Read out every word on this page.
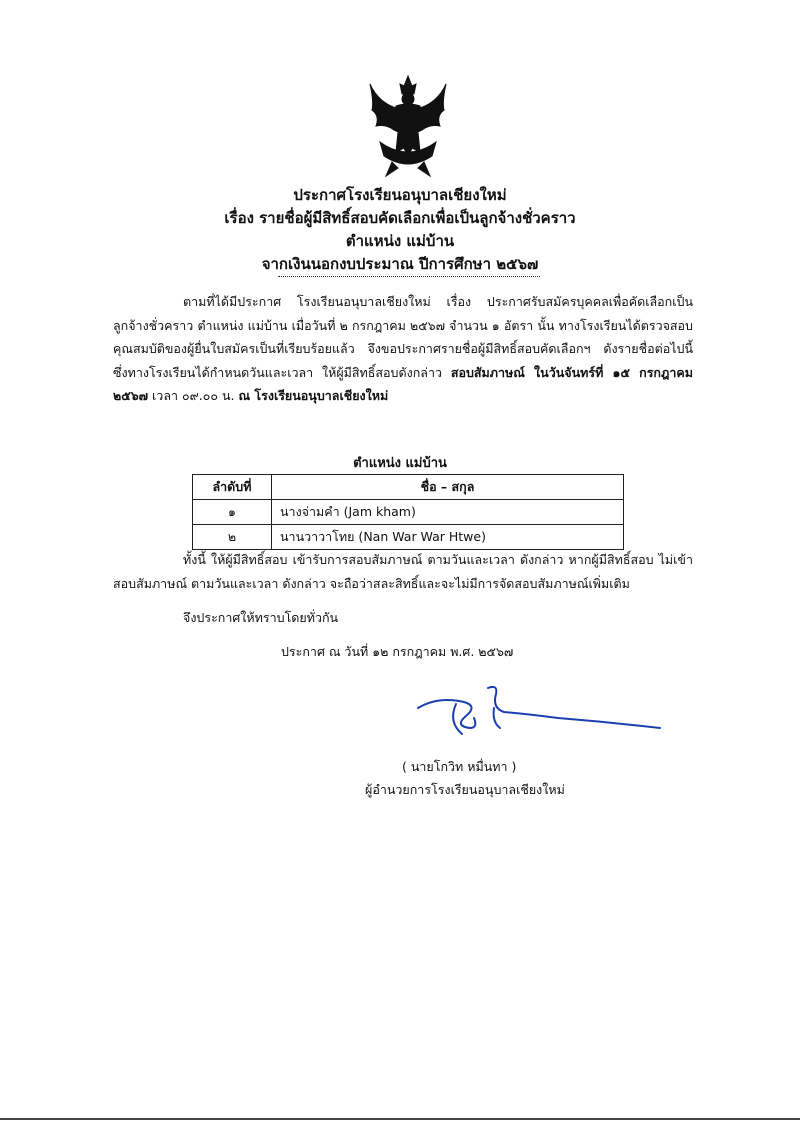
ประกาศโรงเรียนอนุบาลเชียงใหม่
เรื่อง รายชื่อผู้มีสิทธิ์สอบคัดเลือกเพื่อเป็นลูกจ้างชั่วคราว
ตำแหน่ง แม่บ้าน
จากเงินนอกงบประมาณ ปีการศึกษา ๒๕๖๗
ตามที่ได้มีประกาศ โรงเรียนอนุบาลเชียงใหม่ เรื่อง ประกาศรับสมัครบุคคลเพื่อคัดเลือกเป็นลูกจ้างชั่วคราว ตำแหน่ง แม่บ้าน เมื่อวันที่ ๒ กรกฎาคม ๒๕๖๗ จำนวน ๑ อัตรา นั้น ทางโรงเรียนได้ตรวจสอบคุณสมบัติของผู้ยื่นใบสมัครเป็นที่เรียบร้อยแล้ว จึงขอประกาศรายชื่อผู้มีสิทธิ์สอบคัดเลือกฯ ดังรายชื่อต่อไปนี้ ซึ่งทางโรงเรียนได้กำหนดวันและเวลา ให้ผู้มีสิทธิ์สอบดังกล่าว สอบสัมภาษณ์ ในวันจันทร์ที่ ๑๕ กรกฎาคม ๒๕๖๗ เวลา ๐๙.๐๐ น. ณ โรงเรียนอนุบาลเชียงใหม่
ตำแหน่ง แม่บ้าน
ลำดับที่	ชื่อ – สกุล
๑	นางจ่ามคำ (Jam kham)
๒	นานวาวาโทย (Nan War War Htwe)
ทั้งนี้ ให้ผู้มีสิทธิ์สอบ เข้ารับการสอบสัมภาษณ์ ตามวันและเวลา ดังกล่าว หากผู้มีสิทธิ์สอบ ไม่เข้าสอบสัมภาษณ์ ตามวันและเวลา ดังกล่าว จะถือว่าสละสิทธิ์และจะไม่มีการจัดสอบสัมภาษณ์เพิ่มเติม
จึงประกาศให้ทราบโดยทั่วกัน
ประกาศ ณ วันที่ ๑๒ กรกฎาคม พ.ศ. ๒๕๖๗
( นายโกวิท หมื่นทา )
ผู้อำนวยการโรงเรียนอนุบาลเชียงใหม่
